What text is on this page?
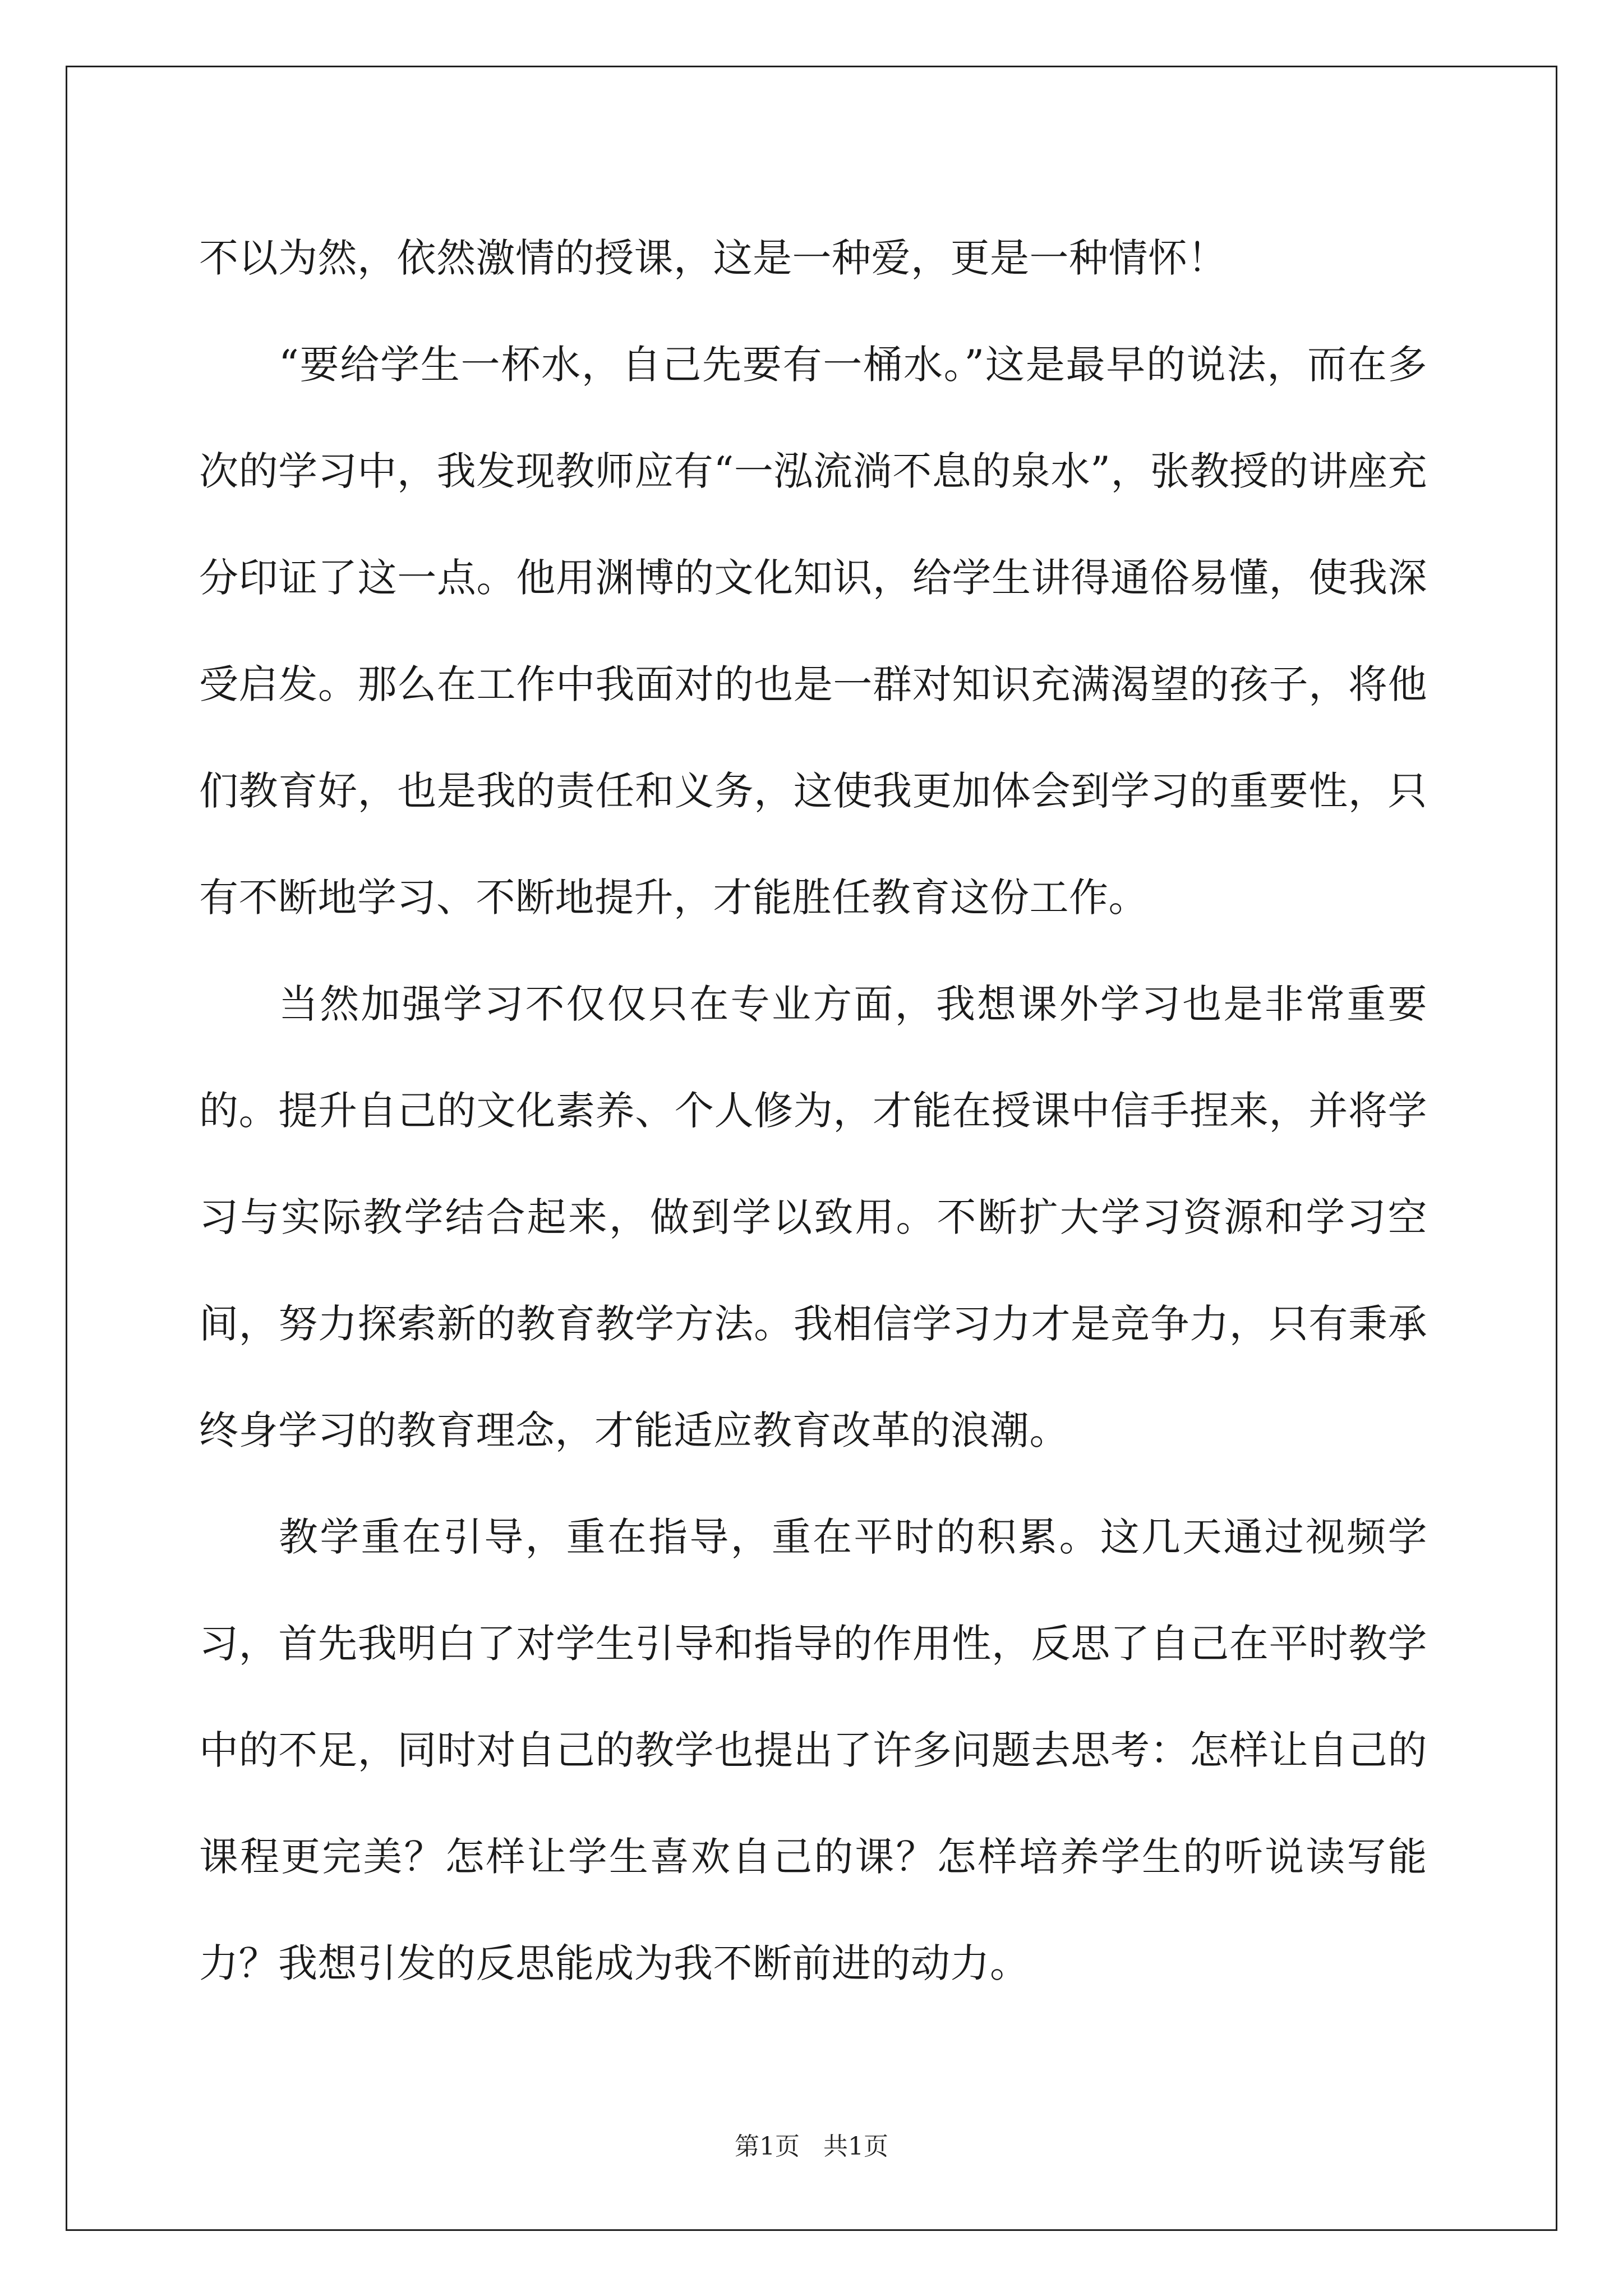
不以为然，依然激情的授课，这是一种爱，更是一种情怀！

“要给学生一杯水，自己先要有一桶水。”这是最早的说法，而在多次的学习中，我发现教师应有“一泓流淌不息的泉水”，张教授的讲座充分印证了这一点。他用渊博的文化知识，给学生讲得通俗易懂，使我深受启发。那么在工作中我面对的也是一群对知识充满渴望的孩子，将他们教育好，也是我的责任和义务，这使我更加体会到学习的重要性，只有不断地学习、不断地提升，才能胜任教育这份工作。

当然加强学习不仅仅只在专业方面，我想课外学习也是非常重要的。提升自己的文化素养、个人修为，才能在授课中信手捏来，并将学习与实际教学结合起来，做到学以致用。不断扩大学习资源和学习空间，努力探索新的教育教学方法。我相信学习力才是竞争力，只有秉承终身学习的教育理念，才能适应教育改革的浪潮。

教学重在引导，重在指导，重在平时的积累。这几天通过视频学习，首先我明白了对学生引导和指导的作用性，反思了自己在平时教学中的不足，同时对自己的教学也提出了许多问题去思考：怎样让自己的课程更完美？怎样让学生喜欢自己的课？怎样培养学生的听说读写能力？我想引发的反思能成为我不断前进的动力。

第1页   共1页
